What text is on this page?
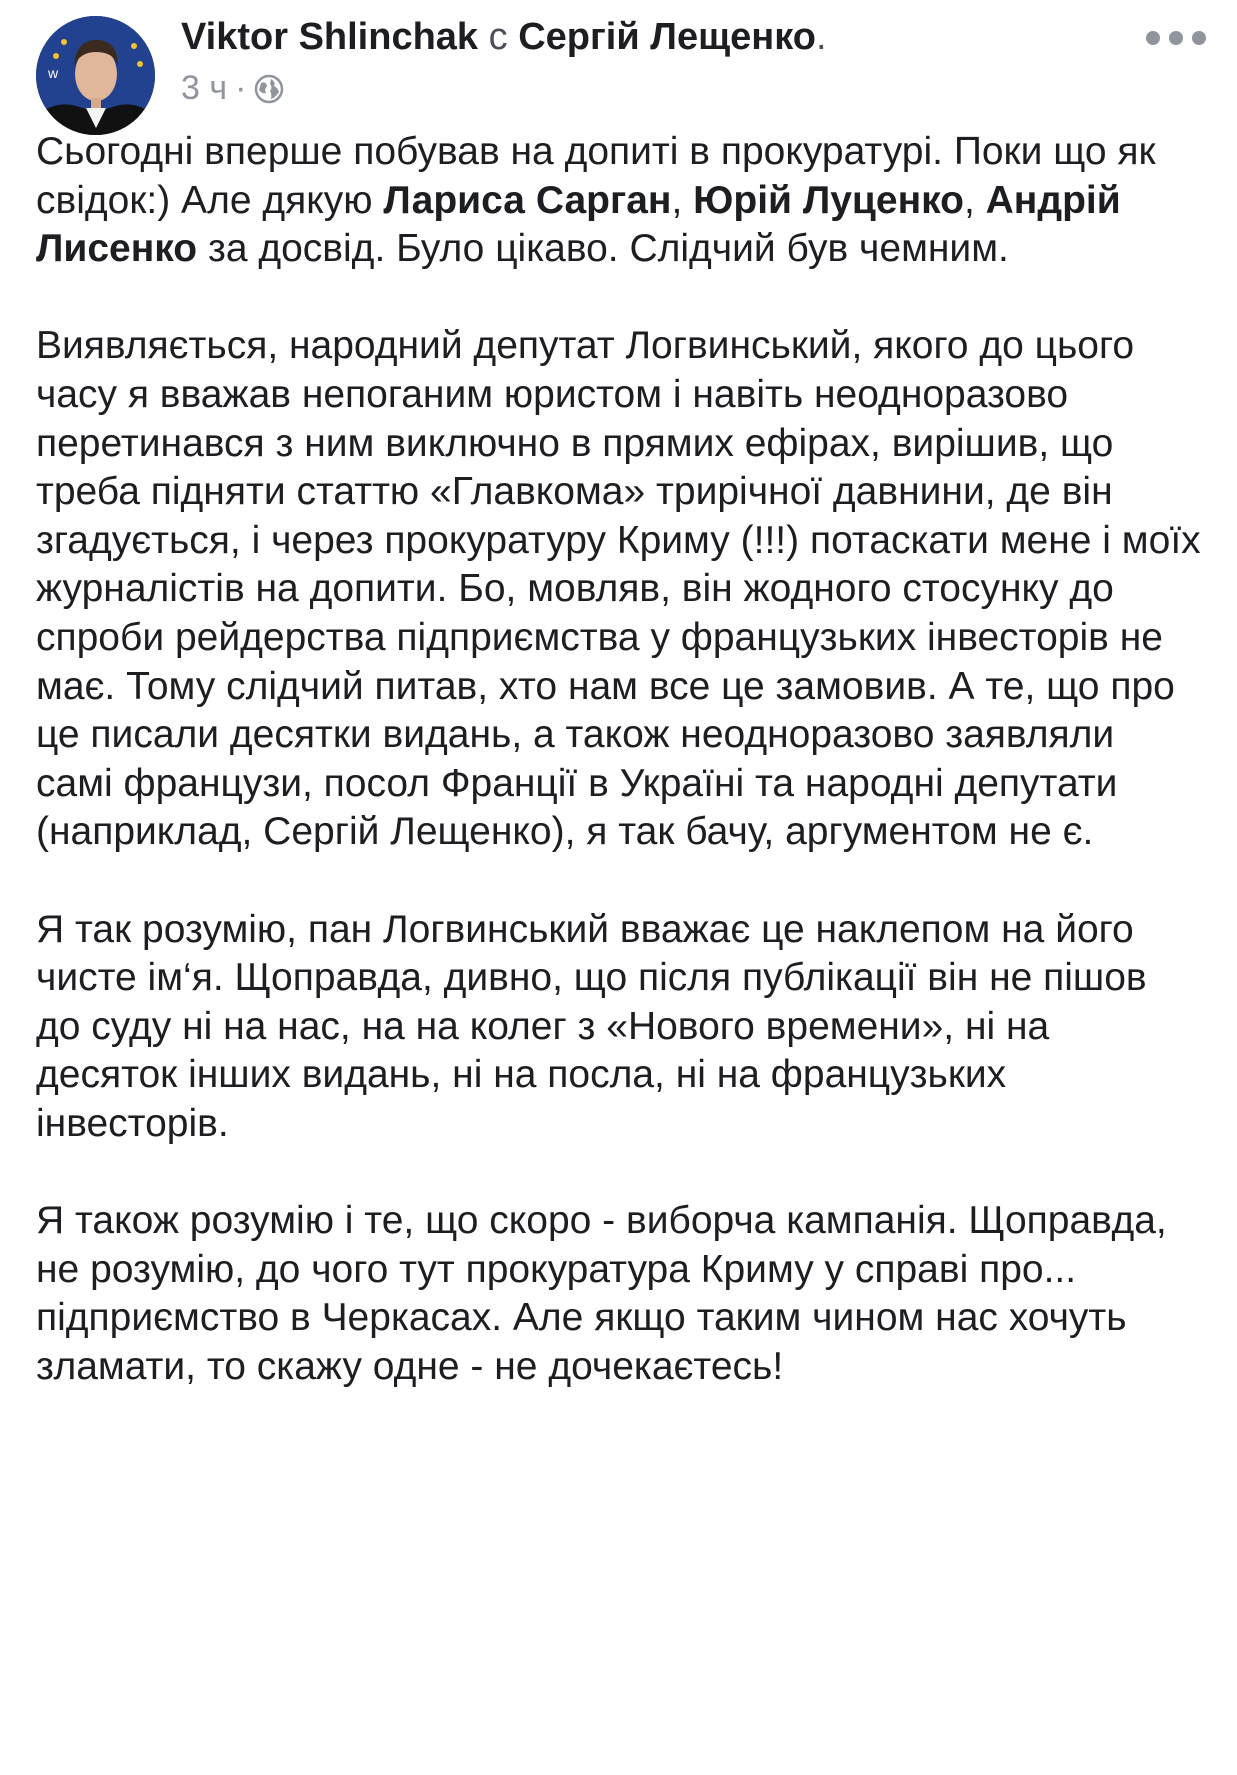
w
Viktor Shlinchak с Сергій Лещенко.
3 ч ·

Сьогодні вперше побував на допиті в прокуратурі. Поки що як свідок:) Але дякую Лариса Сарган, Юрій Луценко, Андрій Лисенко за досвід. Було цікаво. Слідчий був чемним.

Виявляється, народний депутат Логвинський, якого до цього часу я вважав непоганим юристом і навіть неодноразово перетинався з ним виключно в прямих ефірах, вирішив, що треба підняти статтю «Главкома» трирічної давнини, де він згадується, і через прокуратуру Криму (!!!) потаскати мене і моїх журналістів на допити. Бо, мовляв, він жодного стосунку до спроби рейдерства підприємства у французьких інвесторів не має. Тому слідчий питав, хто нам все це замовив. А те, що про це писали десятки видань, а також неодноразово заявляли самі французи, посол Франції в Україні та народні депутати (наприклад, Сергій Лещенко), я так бачу, аргументом не є.

Я так розумію, пан Логвинський вважає це наклепом на його чисте ім‘я. Щоправда, дивно, що після публікації він не пішов до суду ні на нас, на на колег з «Нового времени», ні на десяток інших видань, ні на посла, ні на французьких інвесторів.

Я також розумію і те, що скоро - виборча кампанія. Щоправда, не розумію, до чого тут прокуратура Криму у справі про... підприємство в Черкасах. Але якщо таким чином нас хочуть зламати, то скажу одне - не дочекаєтесь!
